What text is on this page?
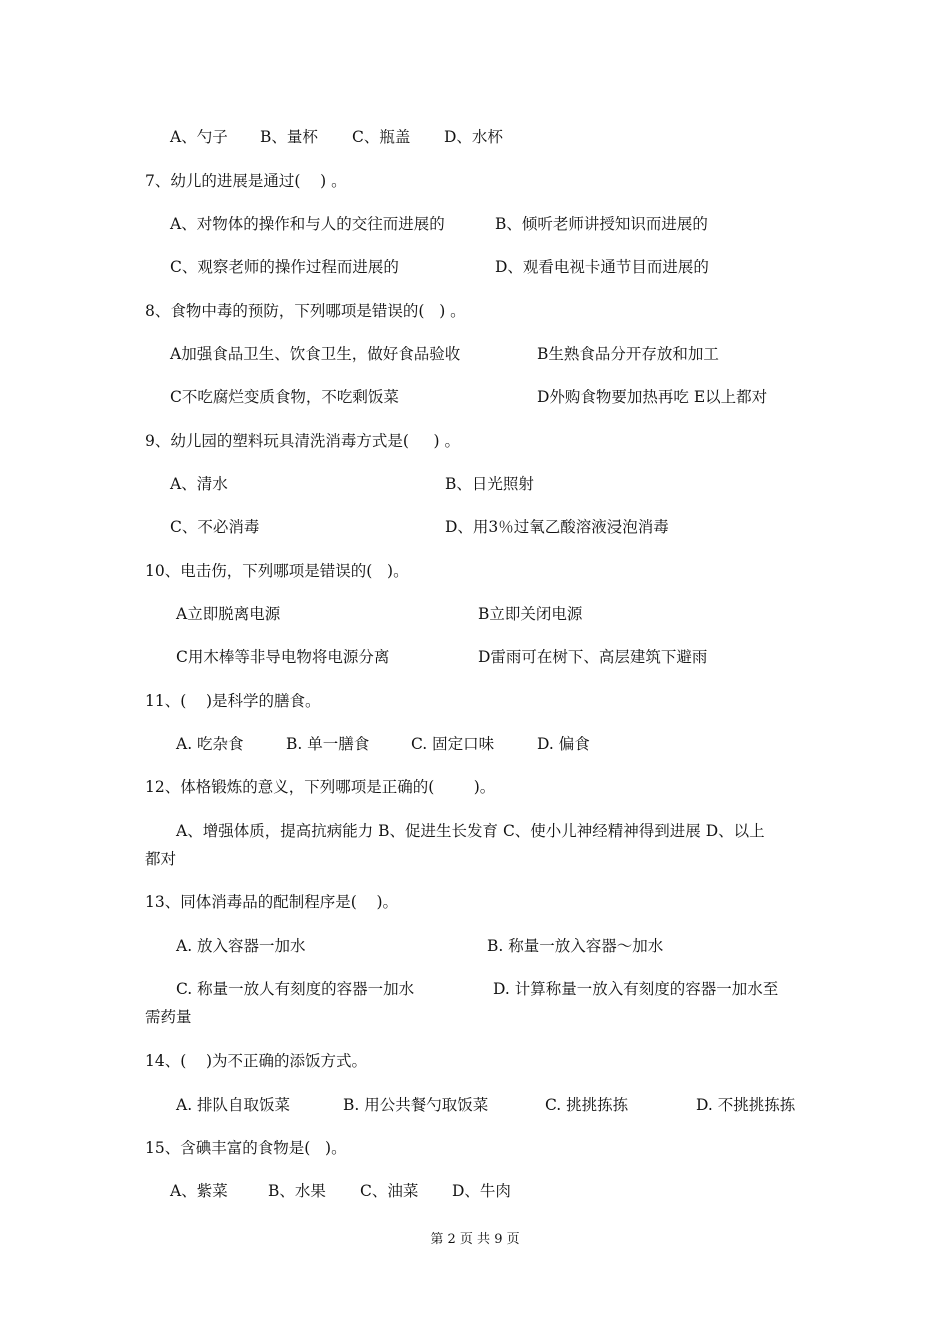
A、勺子 B、量杯 C、瓶盖 D、水杯
7、幼儿的进展是通过(    ) 。
A、对物体的操作和与人的交往而进展的	B、倾听老师讲授知识而进展的
C、观察老师的操作过程而进展的	D、观看电视卡通节目而进展的
8、食物中毒的预防，下列哪项是错误的(   ) 。
A加强食品卫生、饮食卫生，做好食品验收	B生熟食品分开存放和加工
C不吃腐烂变质食物，不吃剩饭菜	D外购食物要加热再吃 E以上都对
9、幼儿园的塑料玩具清洗消毒方式是(     ) 。
A、清水	B、日光照射
C、不必消毒	D、用3％过氧乙酸溶液浸泡消毒
10、电击伤，下列哪项是错误的(   )。
A立即脱离电源	B立即关闭电源
C用木棒等非导电物将电源分离	D雷雨可在树下、高层建筑下避雨
11、(    )是科学的膳食。
A. 吃杂食	B. 单一膳食	C. 固定口味	D. 偏食
12、体格锻炼的意义，下列哪项是正确的(        )。
A、增强体质，提高抗病能力 B、促进生长发育 C、使小儿神经精神得到进展 D、以上
都对
13、同体消毒品的配制程序是(    )。
A. 放入容器一加水	B. 称量一放入容器～加水
C. 称量一放人有刻度的容器一加水	D. 计算称量一放入有刻度的容器一加水至
需药量
14、(    )为不正确的添饭方式。
A. 排队自取饭菜	B. 用公共餐勺取饭菜	C. 挑挑拣拣	D. 不挑挑拣拣
15、含碘丰富的食物是(   )。
A、紫菜	B、水果 C、油菜 D、牛肉
第 2 页 共 9 页
